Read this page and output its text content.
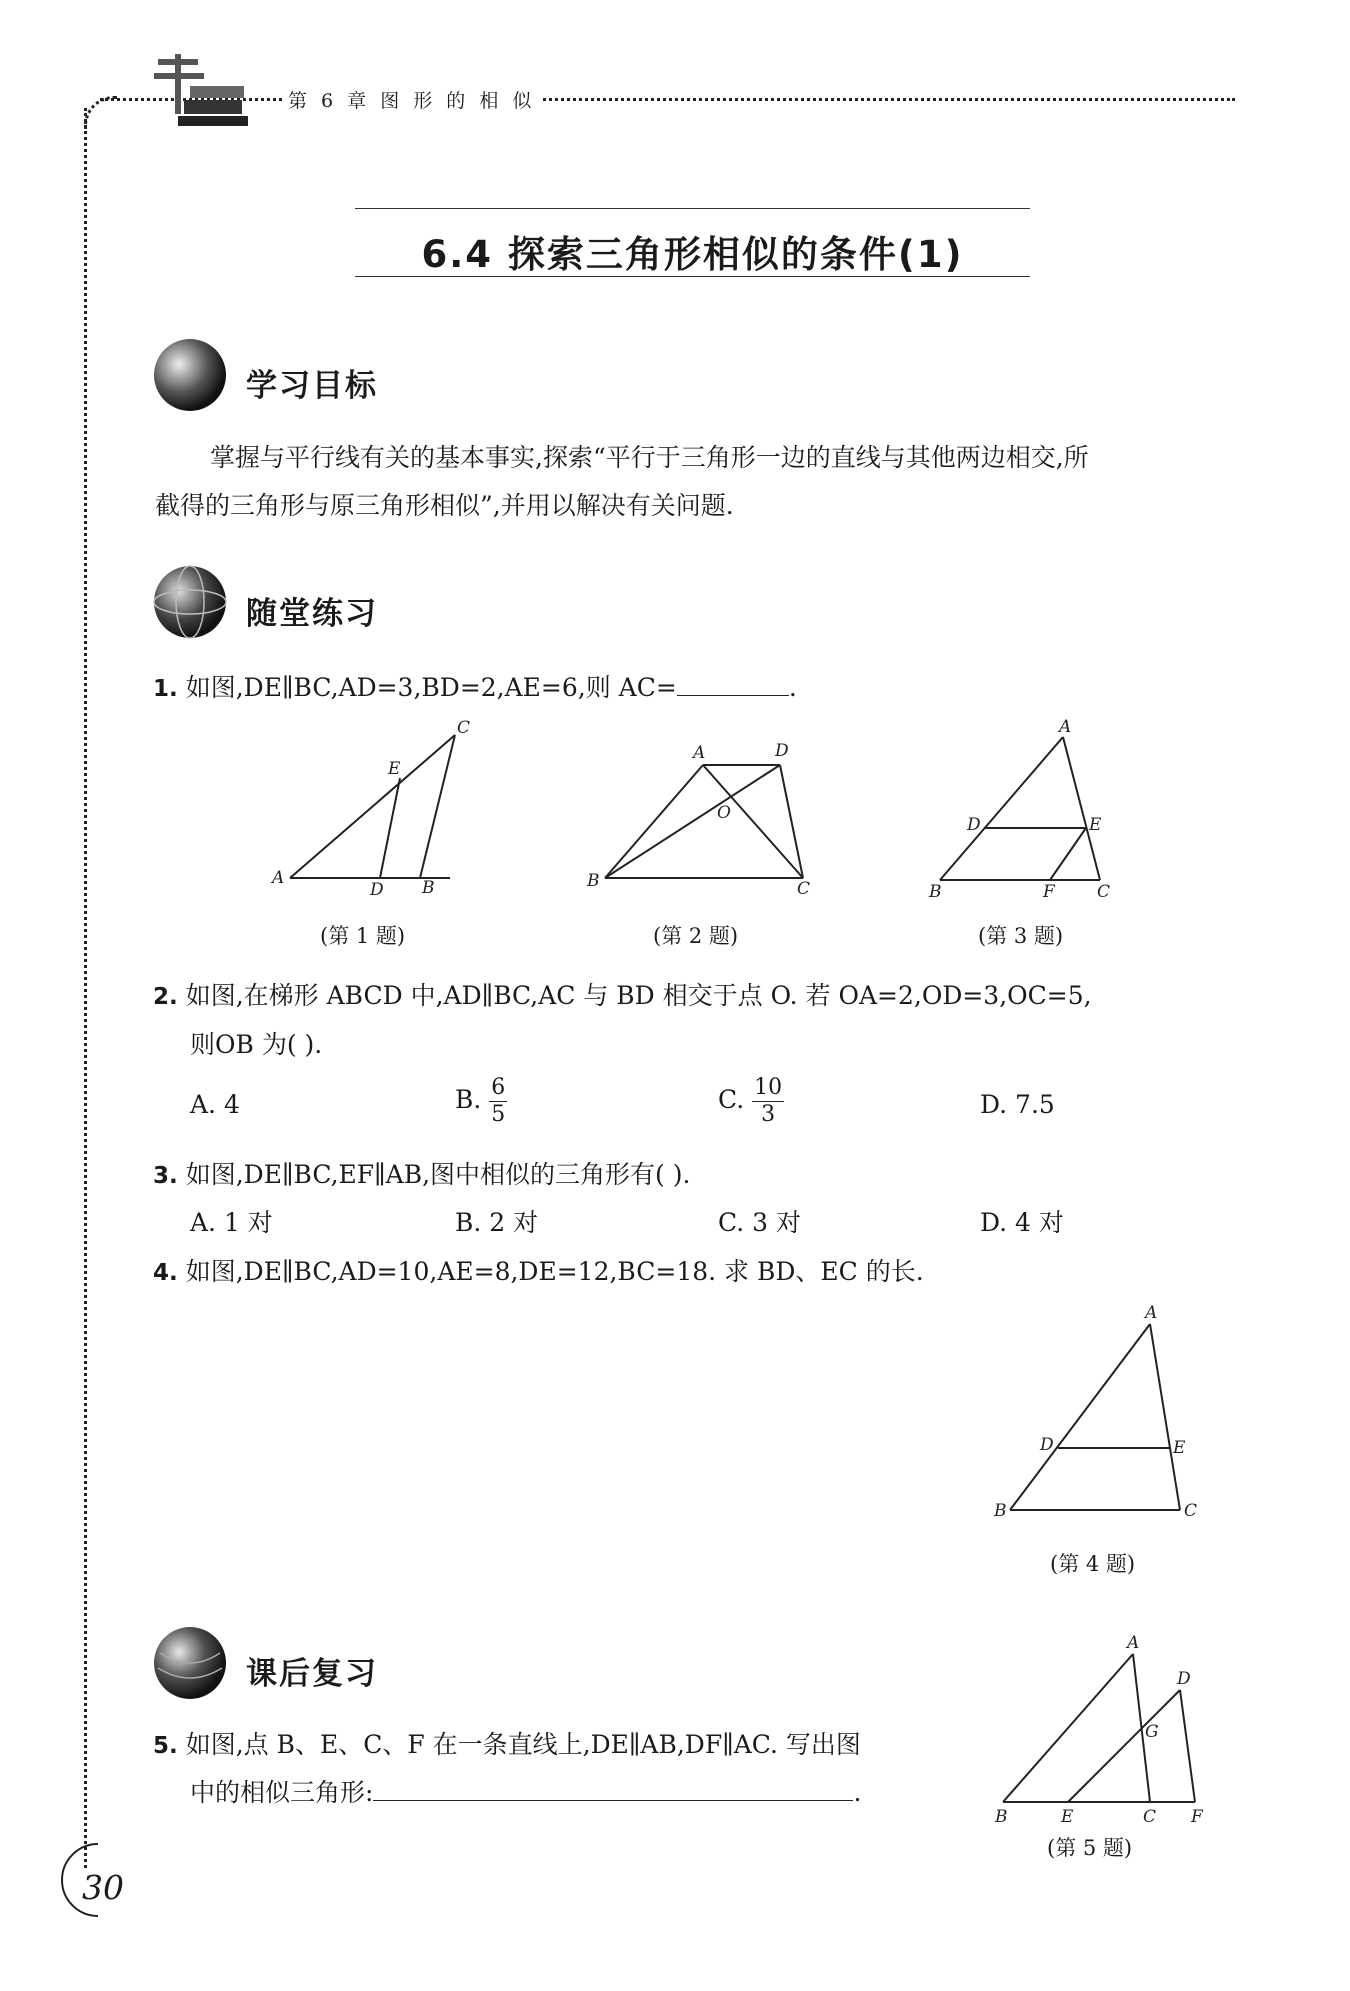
第 6 章 图 形 的 相 似
6.4 探索三角形相似的条件(1)
学习目标
掌握与平行线有关的基本事实,探索“平行于三角形一边的直线与其他两边相交,所
截得的三角形与原三角形相似”,并用以解决有关问题.
随堂练习
1. 如图,DE∥BC,AD=3,BD=2,AE=6,则 AC=	.
A	B
C
D
E
(第 1 题)
B	C
A	D
O
(第 2 题)
B	C
A
D	E
F
(第 3 题)
2. 如图,在梯形 ABCD 中,AD∥BC,AC 与 BD 相交于点 O. 若 OA=2,OD=3,OC=5,
则OB 为( ).
A. 4	B. $\frac{6}{5}$	C. $\frac{10}{3}$	D. 7.5
3. 如图,DE∥BC,EF∥AB,图中相似的三角形有( ).
A. 1 对	B. 2 对	C. 3 对	D. 4 对
4. 如图,DE∥BC,AD=10,AE=8,DE=12,BC=18. 求 BD、EC 的长.
B	C
A
D	E
(第 4 题)
课后复习
5. 如图,点 B、E、C、F 在一条直线上,DE∥AB,DF∥AC. 写出图
中的相似三角形:	.
B	E	C F
A
D
G
(第 5 题)
30
